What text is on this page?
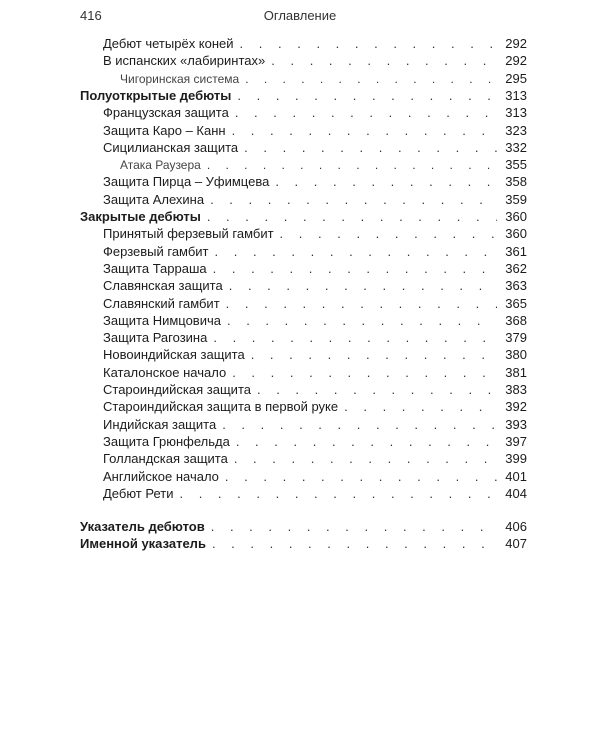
416	Оглавление
Дебют четырёх коней . . .	292
В испанских «лабиринтах» . . .	292
Чигоринская система . . .	295
Полуоткрытые дебюты . . .	313
Французская защита . . .	313
Защита Каро – Канн . . .	323
Сицилианская защита . . .	332
Атака Раузера . . .	355
Защита Пирца – Уфимцева . . .	358
Защита Алехина . . .	359
Закрытые дебюты . . .	360
Принятый ферзевый гамбит . . .	360
Ферзевый гамбит . . .	361
Защита Тарраша . . .	362
Славянская защита . . .	363
Славянский гамбит . . .	365
Защита Нимцовича . . .	368
Защита Рагозина . . .	379
Новоиндийская защита . . .	380
Каталонское начало . . .	381
Староиндийская защита . . .	383
Староиндийская защита в первой руке . . .	392
Индийская защита . . .	393
Защита Грюнфельда . . .	397
Голландская защита . . .	399
Английское начало . . .	401
Дебют Рети . . .	404
Указатель дебютов . . .	406
Именной указатель . . .	407
